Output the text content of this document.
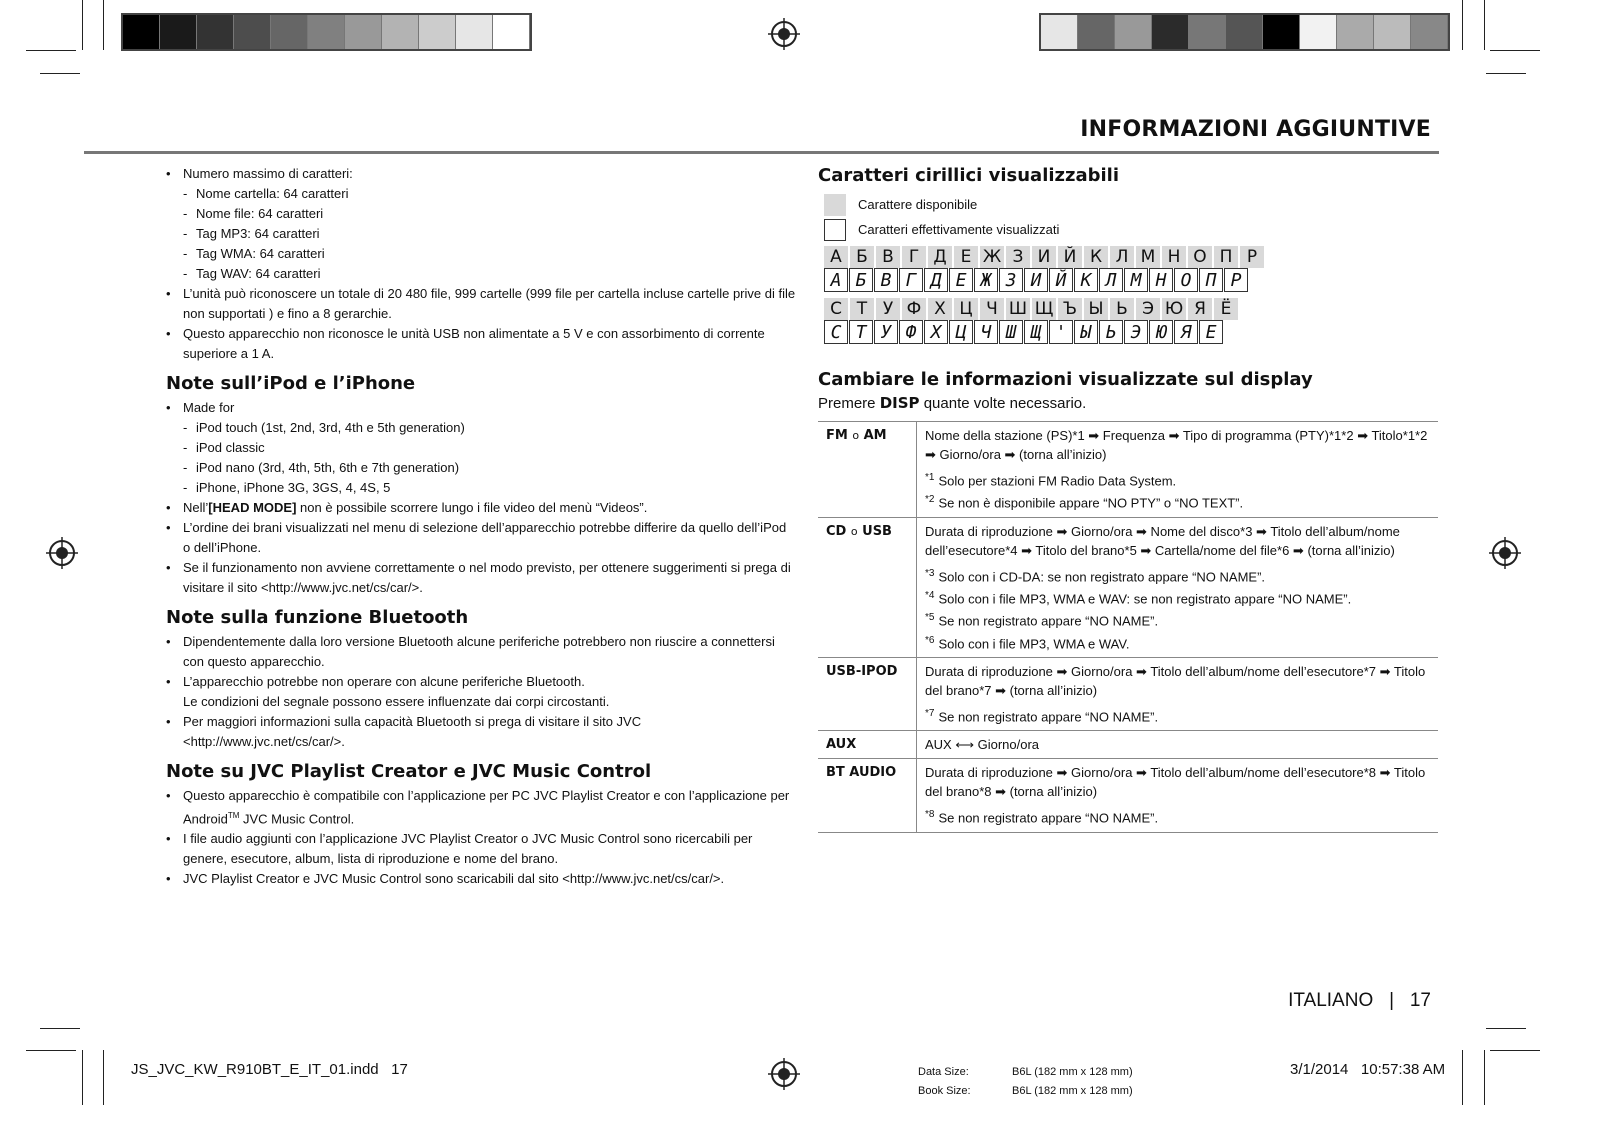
INFORMAZIONI AGGIUNTIVE
• Numero massimo di caratteri:
- Nome cartella: 64 caratteri
- Nome file: 64 caratteri
- Tag MP3: 64 caratteri
- Tag WMA: 64 caratteri
- Tag WAV: 64 caratteri
• L’unità può riconoscere un totale di 20 480 file, 999 cartelle (999 file per cartella incluse cartelle prive di file non supportati ) e fino a 8 gerarchie.
• Questo apparecchio non riconosce le unità USB non alimentate a 5 V e con assorbimento di corrente superiore a 1 A.
Note sull’iPod e l’iPhone
• Made for
- iPod touch (1st, 2nd, 3rd, 4th e 5th generation)
- iPod classic
- iPod nano (3rd, 4th, 5th, 6th e 7th generation)
- iPhone, iPhone 3G, 3GS, 4, 4S, 5
• Nell’[HEAD MODE] non è possibile scorrere lungo i file video del menù “Videos”.
• L’ordine dei brani visualizzati nel menu di selezione dell’apparecchio potrebbe differire da quello dell’iPod o dell’iPhone.
• Se il funzionamento non avviene correttamente o nel modo previsto, per ottenere suggerimenti si prega di visitare il sito <http://www.jvc.net/cs/car/>.
Note sulla funzione Bluetooth
• Dipendentemente dalla loro versione Bluetooth alcune periferiche potrebbero non riuscire a connettersi con questo apparecchio.
• L’apparecchio potrebbe non operare con alcune periferiche Bluetooth.
Le condizioni del segnale possono essere influenzate dai corpi circostanti.
• Per maggiori informazioni sulla capacità Bluetooth si prega di visitare il sito JVC <http://www.jvc.net/cs/car/>.
Note su JVC Playlist Creator e JVC Music Control
• Questo apparecchio è compatibile con l’applicazione per PC JVC Playlist Creator e con l’applicazione per Android™ JVC Music Control.
• I file audio aggiunti con l’applicazione JVC Playlist Creator o JVC Music Control sono ricercabili per genere, esecutore, album, lista di riproduzione e nome del brano.
• JVC Playlist Creator e JVC Music Control sono scaricabili dal sito <http://www.jvc.net/cs/car/>.
Caratteri cirillici visualizzabili
Carattere disponibile
Caratteri effettivamente visualizzati
А Б В Г Д Е Ж З И Й К Л М Н О П Р
A Б B Г Д E Ж З И Й K Л M H O П P
С Т У Ф Х Ц Ч Ш Щ Ъ Ы Ь Э Ю Я Ё
C T У Ф X Ц Ч Ш Щ ' Ы Ь Э Ю Я E
Cambiare le informazioni visualizzate sul display
Premere DISP quante volte necessario.
FM o AM	Nome della stazione (PS)*1 ➡ Frequenza ➡ Tipo di programma (PTY)*1*2 ➡ Titolo*1*2 ➡ Giorno/ora ➡ (torna all’inizio)
$^{*1}$ Solo per stazioni FM Radio Data System.
$^{*2}$ Se non è disponibile appare “NO PTY” o “NO TEXT”.

CD o USB	Durata di riproduzione ➡ Giorno/ora ➡ Nome del disco*3 ➡ Titolo dell’album/nome dell’esecutore*4 ➡ Titolo del brano*5 ➡ Cartella/nome del file*6 ➡ (torna all’inizio)
$^{*3}$ Solo con i CD-DA: se non registrato appare “NO NAME”.
$^{*4}$ Solo con i file MP3, WMA e WAV: se non registrato appare “NO NAME”.
$^{*5}$ Se non registrato appare “NO NAME”.
$^{*6}$ Solo con i file MP3, WMA e WAV.

USB-IPOD	Durata di riproduzione ➡ Giorno/ora ➡ Titolo dell’album/nome dell’esecutore*7 ➡ Titolo del brano*7 ➡ (torna all’inizio)
$^{*7}$ Se non registrato appare “NO NAME”.

AUX	AUX ⟷ Giorno/ora

BT AUDIO	Durata di riproduzione ➡ Giorno/ora ➡ Titolo dell’album/nome dell’esecutore*8 ➡ Titolo del brano*8 ➡ (torna all’inizio)
$^{*8}$ Se non registrato appare “NO NAME”.
ITALIANO | 17
JS_JVC_KW_R910BT_E_IT_01.indd   17	Data Size:	B6L (182 mm x 128 mm)
Book Size:	B6L (182 mm x 128 mm)
3/1/2014   10:57:38 AM
